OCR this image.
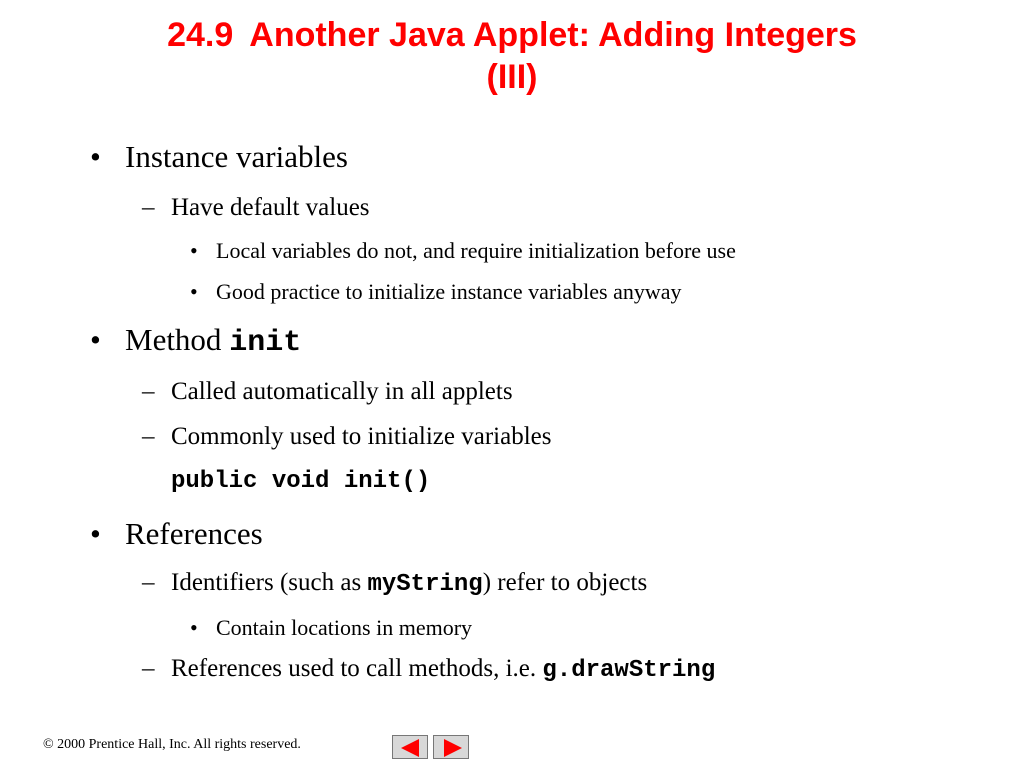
24.9 Another Java Applet: Adding Integers
(III)
• Instance variables
– Have default values
• Local variables do not, and require initialization before use
• Good practice to initialize instance variables anyway
• Method init
– Called automatically in all applets
– Commonly used to initialize variables
public void init()
• References
– Identifiers (such as myString) refer to objects
• Contain locations in memory
– References used to call methods, i.e. g.drawString
© 2000 Prentice Hall, Inc. All rights reserved.
